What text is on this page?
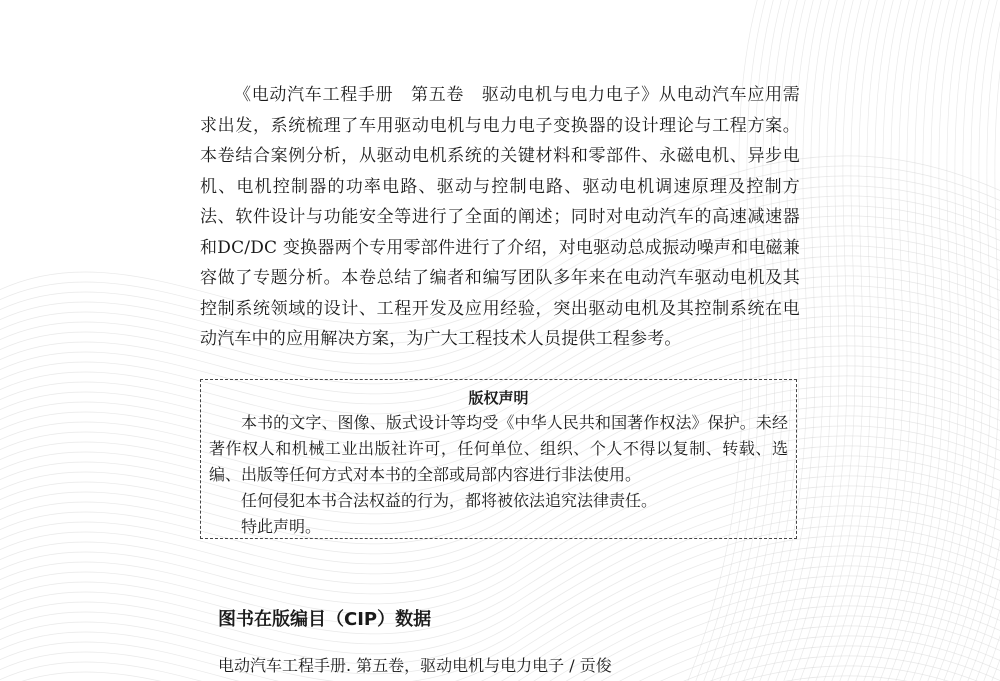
《电动汽车工程手册　第五卷　驱动电机与电力电子》从电动汽车应用需求出发，系统梳理了车用驱动电机与电力电子变换器的设计理论与工程方案。本卷结合案例分析，从驱动电机系统的关键材料和零部件、永磁电机、异步电机、电机控制器的功率电路、驱动与控制电路、驱动电机调速原理及控制方法、软件设计与功能安全等进行了全面的阐述；同时对电动汽车的高速减速器和DC/DC 变换器两个专用零部件进行了介绍，对电驱动总成振动噪声和电磁兼容做了专题分析。本卷总结了编者和编写团队多年来在电动汽车驱动电机及其控制系统领域的设计、工程开发及应用经验，突出驱动电机及其控制系统在电动汽车中的应用解决方案，为广大工程技术人员提供工程参考。

版权声明

本书的文字、图像、版式设计等均受《中华人民共和国著作权法》保护。未经著作权人和机械工业出版社许可，任何单位、组织、个人不得以复制、转载、选编、出版等任何方式对本书的全部或局部内容进行非法使用。

任何侵犯本书合法权益的行为，都将被依法追究法律责任。

特此声明。

图书在版编目（CIP）数据

电动汽车工程手册. 第五卷，驱动电机与电力电子 / 贡俊
